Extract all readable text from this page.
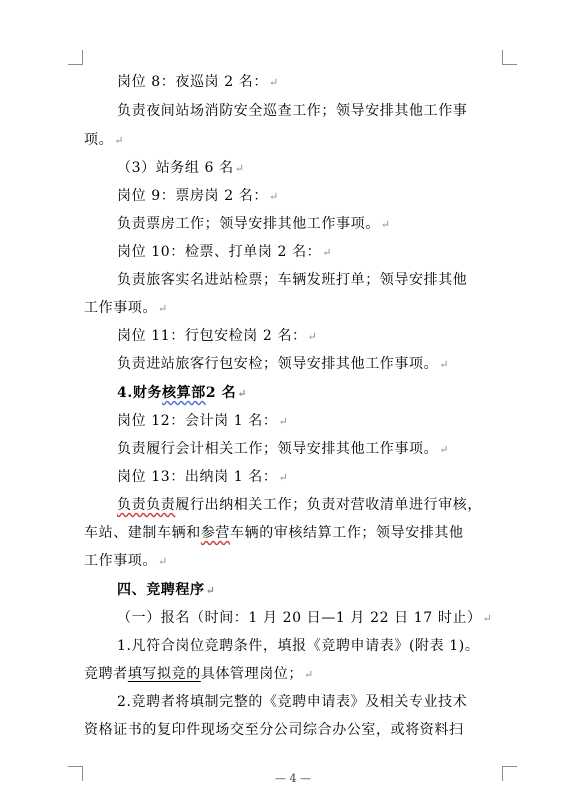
岗位 8：夜巡岗 2 名：↵
负责夜间站场消防安全巡查工作；领导安排其他工作事
项。↵
（3）站务组 6 名↵
岗位 9：票房岗 2 名：↵
负责票房工作；领导安排其他工作事项。↵
岗位 10：检票、打单岗 2 名：↵
负责旅客实名进站检票；车辆发班打单；领导安排其他
工作事项。↵
岗位 11：行包安检岗 2 名：↵
负责进站旅客行包安检；领导安排其他工作事项。↵
4.财务核算部2 名↵
岗位 12：会计岗 1 名：↵
负责履行会计相关工作；领导安排其他工作事项。↵
岗位 13：出纳岗 1 名：↵
负责负责履行出纳相关工作；负责对营收清单进行审核，
车站、建制车辆和参营车辆的审核结算工作；领导安排其他
工作事项。↵
四、竞聘程序↵
（一）报名（时间：1 月 20 日—1 月 22 日 17 时止）↵
1.凡符合岗位竞聘条件，填报《竞聘申请表》(附表 1)。
竞聘者填写拟竞的具体管理岗位；↵
2.竞聘者将填制完整的《竞聘申请表》及相关专业技术
资格证书的复印件现场交至分公司综合办公室，或将资料扫
— 4 —
